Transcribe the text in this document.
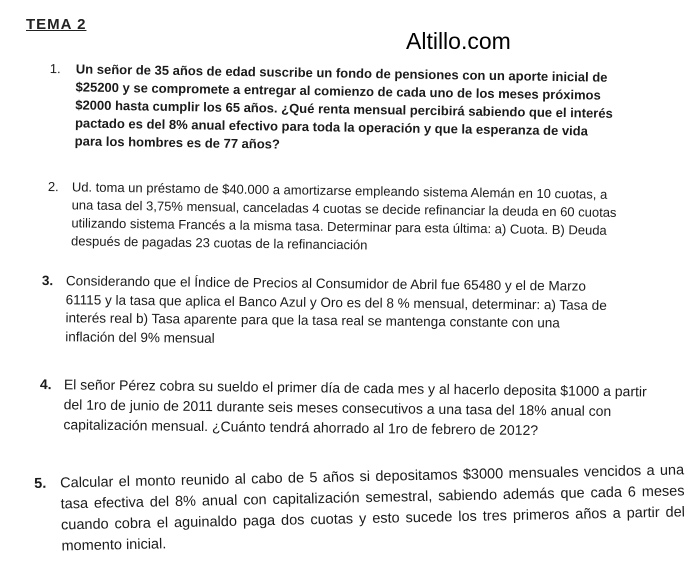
TEMA 2
Altillo.com
1. Un señor de 35 años de edad suscribe un fondo de pensiones con un aporte inicial de $25200 y se compromete a entregar al comienzo de cada uno de los meses próximos $2000 hasta cumplir los 65 años. ¿Qué renta mensual percibirá sabiendo que el interés pactado es del 8% anual efectivo para toda la operación y que la esperanza de vida para los hombres es de 77 años?
2. Ud. toma un préstamo de $40.000 a amortizarse empleando sistema Alemán en 10 cuotas, a una tasa del 3,75% mensual, canceladas 4 cuotas se decide refinanciar la deuda en 60 cuotas utilizando sistema Francés a la misma tasa. Determinar para esta última: a) Cuota. B) Deuda después de pagadas 23 cuotas de la refinanciación
3. Considerando que el Índice de Precios al Consumidor de Abril fue 65480 y el de Marzo 61115 y la tasa que aplica el Banco Azul y Oro es del 8 % mensual, determinar: a) Tasa de interés real b) Tasa aparente para que la tasa real se mantenga constante con una inflación del 9% mensual
4. El señor Pérez cobra su sueldo el primer día de cada mes y al hacerlo deposita $1000 a partir del 1ro de junio de 2011 durante seis meses consecutivos a una tasa del 18% anual con capitalización mensual. ¿Cuánto tendrá ahorrado al 1ro de febrero de 2012?
5. Calcular el monto reunido al cabo de 5 años si depositamos $3000 mensuales vencidos a una tasa efectiva del 8% anual con capitalización semestral, sabiendo además que cada 6 meses cuando cobra el aguinaldo paga dos cuotas y esto sucede los tres primeros años a partir del momento inicial.
